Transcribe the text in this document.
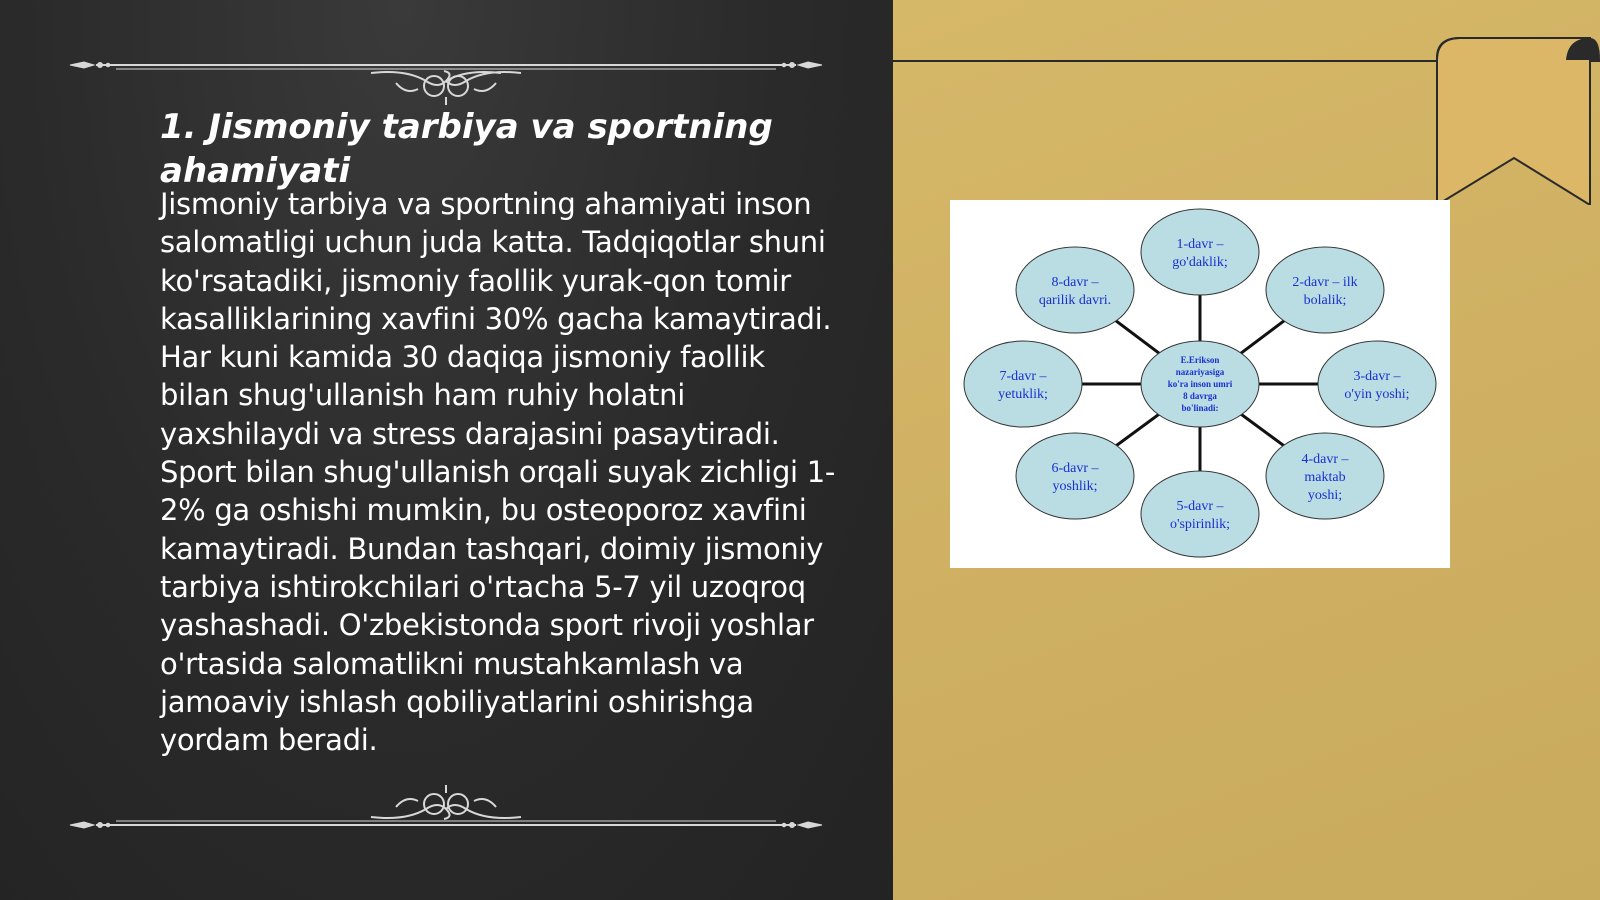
1. Jismoniy tarbiya va sportning ahamiyati

Jismoniy tarbiya va sportning ahamiyati inson salomatligi uchun juda katta. Tadqiqotlar shuni ko'rsatadiki, jismoniy faollik yurak-qon tomir kasalliklarining xavfini 30% gacha kamaytiradi. Har kuni kamida 30 daqiqa jismoniy faollik bilan shug'ullanish ham ruhiy holatni yaxshilaydi va stress darajasini pasaytiradi. Sport bilan shug'ullanish orqali suyak zichligi 1-2% ga oshishi mumkin, bu osteoporoz xavfini kamaytiradi. Bundan tashqari, doimiy jismoniy tarbiya ishtirokchilari o'rtacha 5-7 yil uzoqroq yashashadi. O'zbekistonda sport rivoji yoshlar o'rtasida salomatlikni mustahkamlash va jamoaviy ishlash qobiliyatlarini oshirishga yordam beradi.

1-davr –
go'daklik;
2-davr – ilk
bolalik;
3-davr –
o'yin yoshi;
4-davr –
maktab
yoshi;
5-davr –
o'spirinlik;
6-davr –
yoshlik;
7-davr –
yetuklik;
8-davr –
qarilik davri.
E.Erikson
nazariyasiga
ko'ra inson umri
8 davrga
bo'linadi:
